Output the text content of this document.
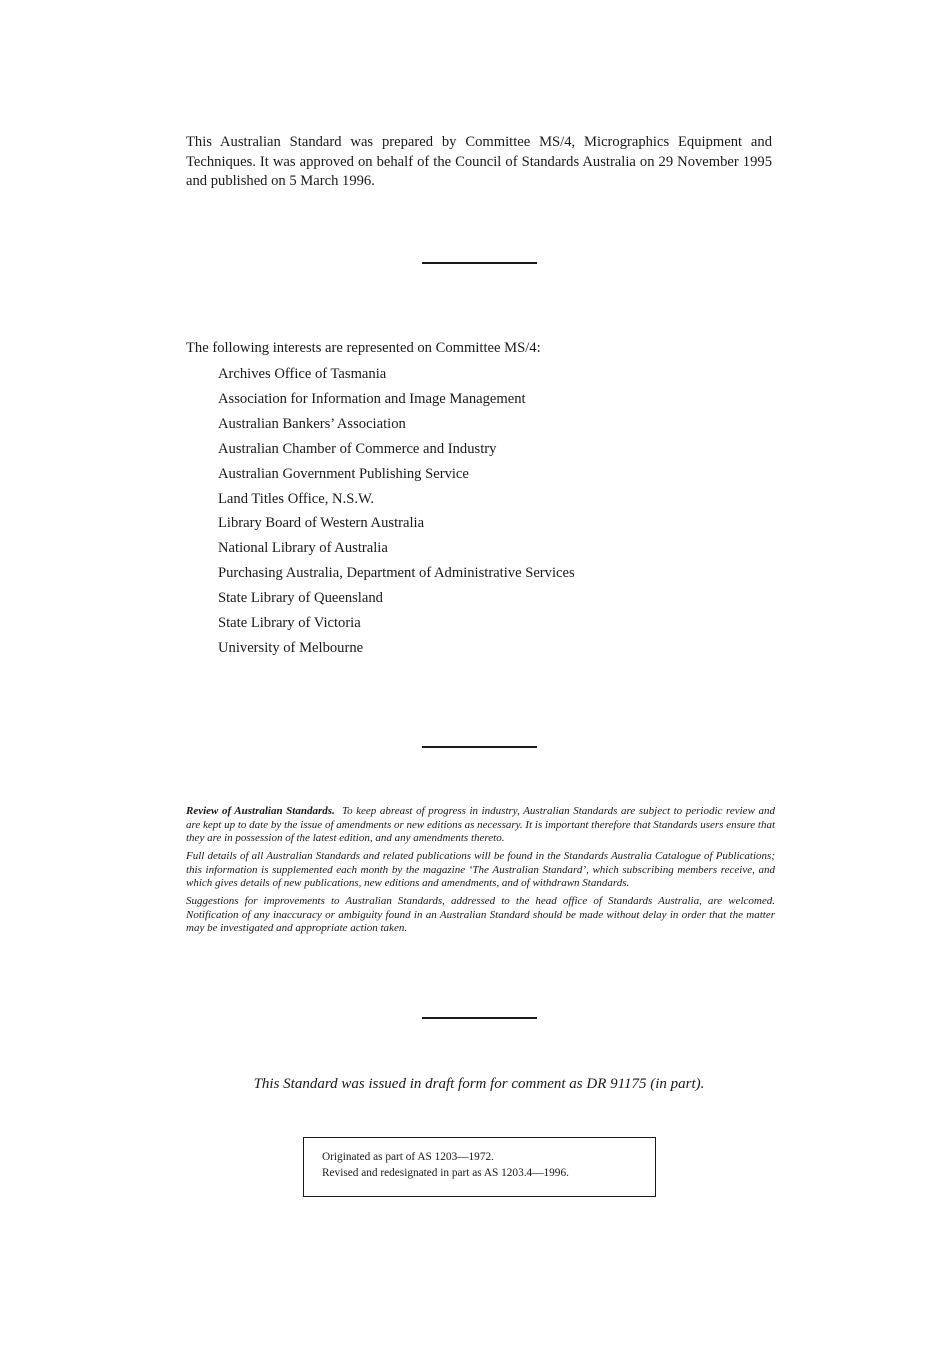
This Australian Standard was prepared by Committee MS/4, Micrographics Equipment and Techniques. It was approved on behalf of the Council of Standards Australia on 29 November 1995 and published on 5 March 1996.
The following interests are represented on Committee MS/4:
Archives Office of Tasmania
Association for Information and Image Management
Australian Bankers’ Association
Australian Chamber of Commerce and Industry
Australian Government Publishing Service
Land Titles Office, N.S.W.
Library Board of Western Australia
National Library of Australia
Purchasing Australia, Department of Administrative Services
State Library of Queensland
State Library of Victoria
University of Melbourne

Review of Australian Standards. To keep abreast of progress in industry, Australian Standards are subject to periodic review and are kept up to date by the issue of amendments or new editions as necessary. It is important therefore that Standards users ensure that they are in possession of the latest edition, and any amendments thereto.

Full details of all Australian Standards and related publications will be found in the Standards Australia Catalogue of Publications; this information is supplemented each month by the magazine ‘The Australian Standard’, which subscribing members receive, and which gives details of new publications, new editions and amendments, and of withdrawn Standards.

Suggestions for improvements to Australian Standards, addressed to the head office of Standards Australia, are welcomed. Notification of any inaccuracy or ambiguity found in an Australian Standard should be made without delay in order that the matter may be investigated and appropriate action taken.

This Standard was issued in draft form for comment as DR 91175 (in part).
Originated as part of AS 1203—1972.
Revised and redesignated in part as AS 1203.4—1996.
